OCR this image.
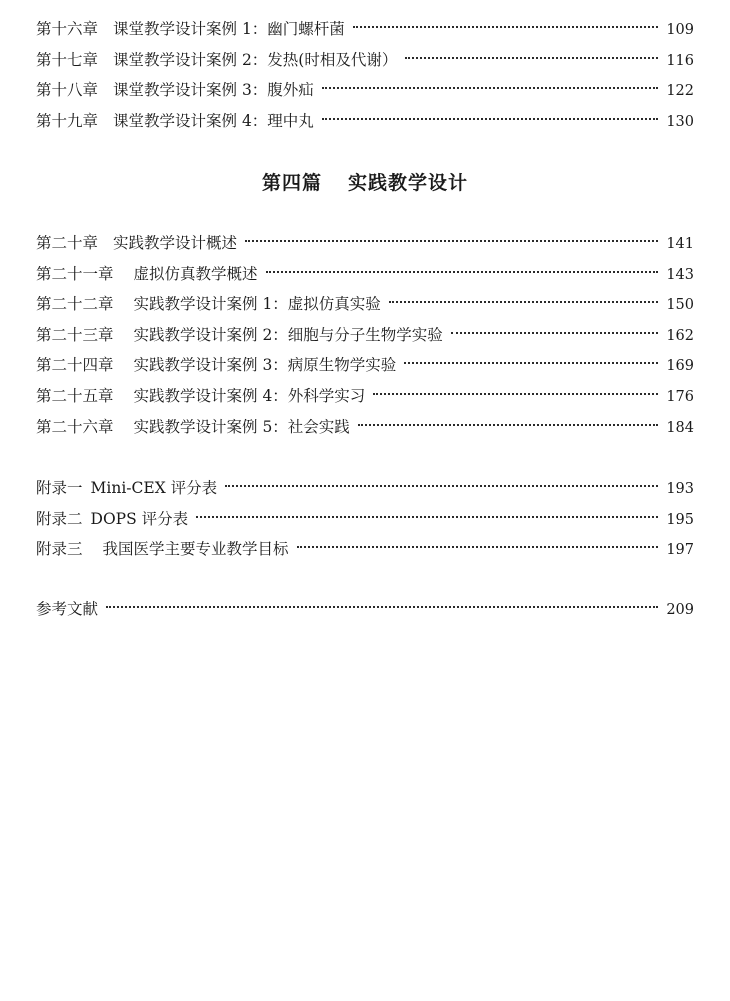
第十六章 课堂教学设计案例 1：幽门螺杆菌	109
第十七章 课堂教学设计案例 2：发热(时相及代谢）	116
第十八章 课堂教学设计案例 3：腹外疝	122
第十九章 课堂教学设计案例 4：理中丸	130
第四篇 实践教学设计
第二十章 实践教学设计概述	141
第二十一章 虚拟仿真教学概述	143
第二十二章 实践教学设计案例 1：虚拟仿真实验	150
第二十三章 实践教学设计案例 2：细胞与分子生物学实验	162
第二十四章 实践教学设计案例 3：病原生物学实验	169
第二十五章 实践教学设计案例 4：外科学实习	176
第二十六章 实践教学设计案例 5：社会实践	184
附录一 Mini-CEX 评分表	193
附录二 DOPS 评分表	195
附录三 我国医学主要专业教学目标	197
参考文献	209
